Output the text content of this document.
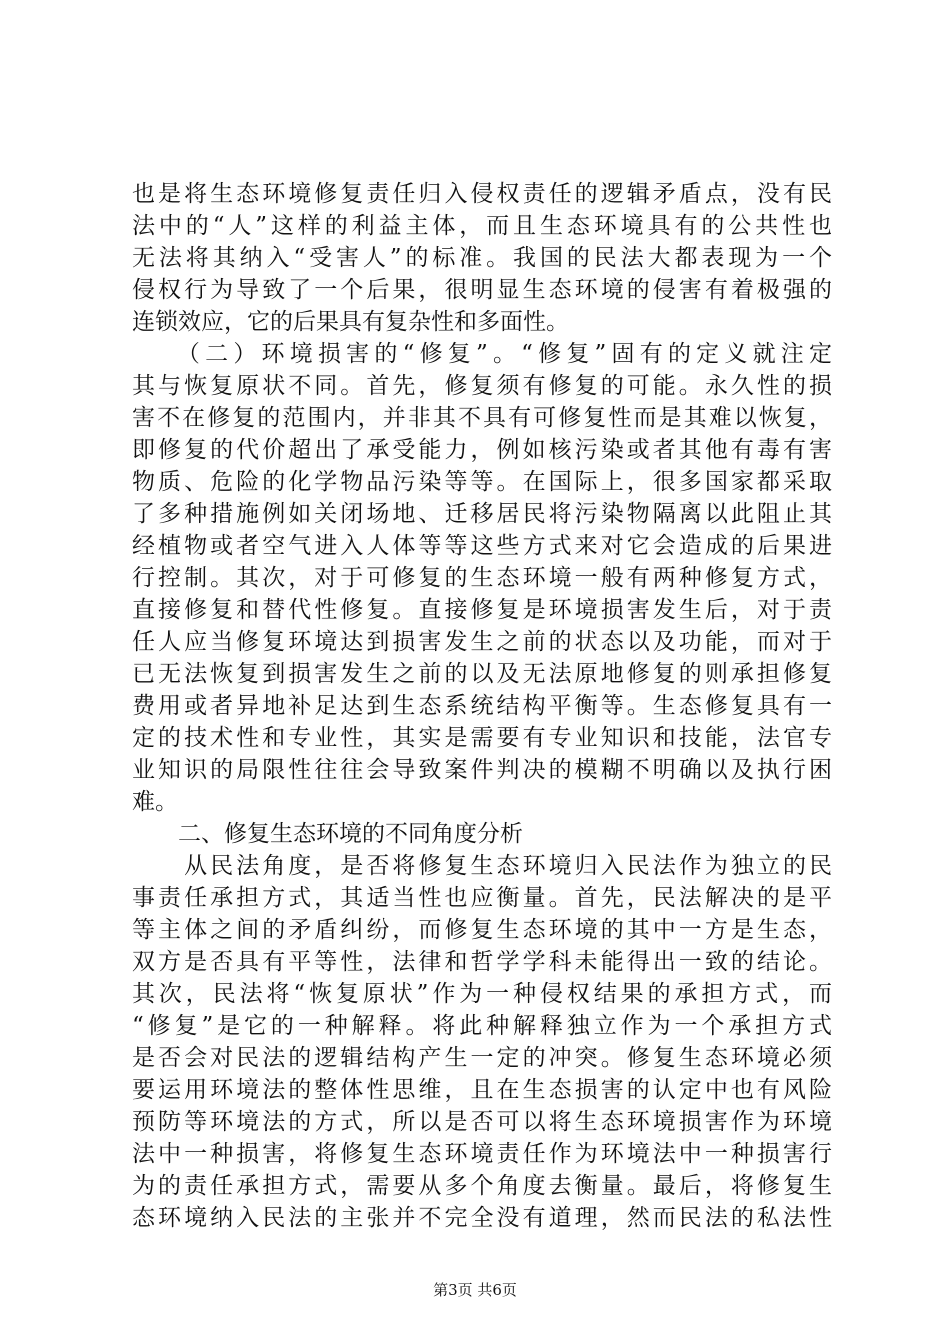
也是将生态环境修复责任归入侵权责任的逻辑矛盾点，没有民
法中的“人”这样的利益主体，而且生态环境具有的公共性也
无法将其纳入“受害人”的标准。我国的民法大都表现为一个
侵权行为导致了一个后果，很明显生态环境的侵害有着极强的
连锁效应，它的后果具有复杂性和多面性。
　　（二）环境损害的“修复”。“修复”固有的定义就注定
其与恢复原状不同。首先，修复须有修复的可能。永久性的损
害不在修复的范围内，并非其不具有可修复性而是其难以恢复，
即修复的代价超出了承受能力，例如核污染或者其他有毒有害
物质、危险的化学物品污染等等。在国际上，很多国家都采取
了多种措施例如关闭场地、迁移居民将污染物隔离以此阻止其
经植物或者空气进入人体等等这些方式来对它会造成的后果进
行控制。其次，对于可修复的生态环境一般有两种修复方式，
直接修复和替代性修复。直接修复是环境损害发生后，对于责
任人应当修复环境达到损害发生之前的状态以及功能，而对于
已无法恢复到损害发生之前的以及无法原地修复的则承担修复
费用或者异地补足达到生态系统结构平衡等。生态修复具有一
定的技术性和专业性，其实是需要有专业知识和技能，法官专
业知识的局限性往往会导致案件判决的模糊不明确以及执行困
难。
　　二、修复生态环境的不同角度分析
　　从民法角度，是否将修复生态环境归入民法作为独立的民
事责任承担方式，其适当性也应衡量。首先，民法解决的是平
等主体之间的矛盾纠纷，而修复生态环境的其中一方是生态，
双方是否具有平等性，法律和哲学学科未能得出一致的结论。
其次，民法将“恢复原状”作为一种侵权结果的承担方式，而
“修复”是它的一种解释。将此种解释独立作为一个承担方式
是否会对民法的逻辑结构产生一定的冲突。修复生态环境必须
要运用环境法的整体性思维，且在生态损害的认定中也有风险
预防等环境法的方式，所以是否可以将生态环境损害作为环境
法中一种损害，将修复生态环境责任作为环境法中一种损害行
为的责任承担方式，需要从多个角度去衡量。最后，将修复生
态环境纳入民法的主张并不完全没有道理，然而民法的私法性
第3页 共6页
